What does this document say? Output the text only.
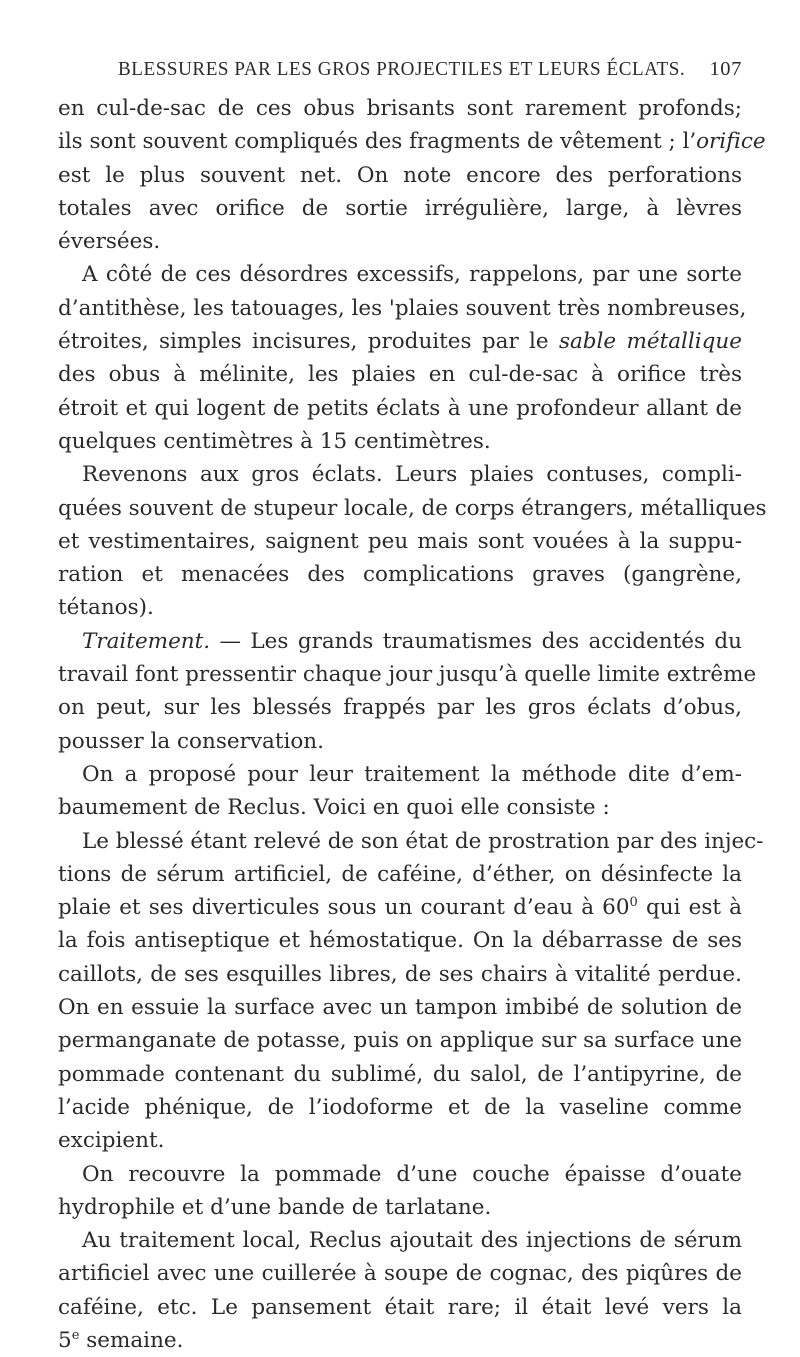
BLESSURES PAR LES GROS PROJECTILES ET LEURS ÉCLATS. 107
en cul-de-sac de ces obus brisants sont rarement profonds;
ils sont souvent compliqués des fragments de vêtement ; l’orifice
est le plus souvent net. On note encore des perforations
totales avec orifice de sortie irrégulière, large, à lèvres
éversées.
A côté de ces désordres excessifs, rappelons, par une sorte
d’antithèse, les tatouages, les 'plaies souvent très nombreuses,
étroites, simples incisures, produites par le sable métallique
des obus à mélinite, les plaies en cul-de-sac à orifice très
étroit et qui logent de petits éclats à une profondeur allant de
quelques centimètres à 15 centimètres.
Revenons aux gros éclats. Leurs plaies contuses, compli-
quées souvent de stupeur locale, de corps étrangers, métalliques
et vestimentaires, saignent peu mais sont vouées à la suppu-
ration et menacées des complications graves (gangrène,
tétanos).
Traitement. — Les grands traumatismes des accidentés du
travail font pressentir chaque jour jusqu’à quelle limite extrême
on peut, sur les blessés frappés par les gros éclats d’obus,
pousser la conservation.
On a proposé pour leur traitement la méthode dite d’em-
baumement de Reclus. Voici en quoi elle consiste :
Le blessé étant relevé de son état de prostration par des injec-
tions de sérum artificiel, de caféine, d’éther, on désinfecte la
plaie et ses diverticules sous un courant d’eau à $60^0$ qui est à
la fois antiseptique et hémostatique. On la débarrasse de ses
caillots, de ses esquilles libres, de ses chairs à vitalité perdue.
On en essuie la surface avec un tampon imbibé de solution de
permanganate de potasse, puis on applique sur sa surface une
pommade contenant du sublimé, du salol, de l’antipyrine, de
l’acide phénique, de l’iodoforme et de la vaseline comme
excipient.
On recouvre la pommade d’une couche épaisse d’ouate
hydrophile et d’une bande de tarlatane.
Au traitement local, Reclus ajoutait des injections de sérum
artificiel avec une cuillerée à soupe de cognac, des piqûres de
caféine, etc. Le pansement était rare; il était levé vers la
5e semaine.
